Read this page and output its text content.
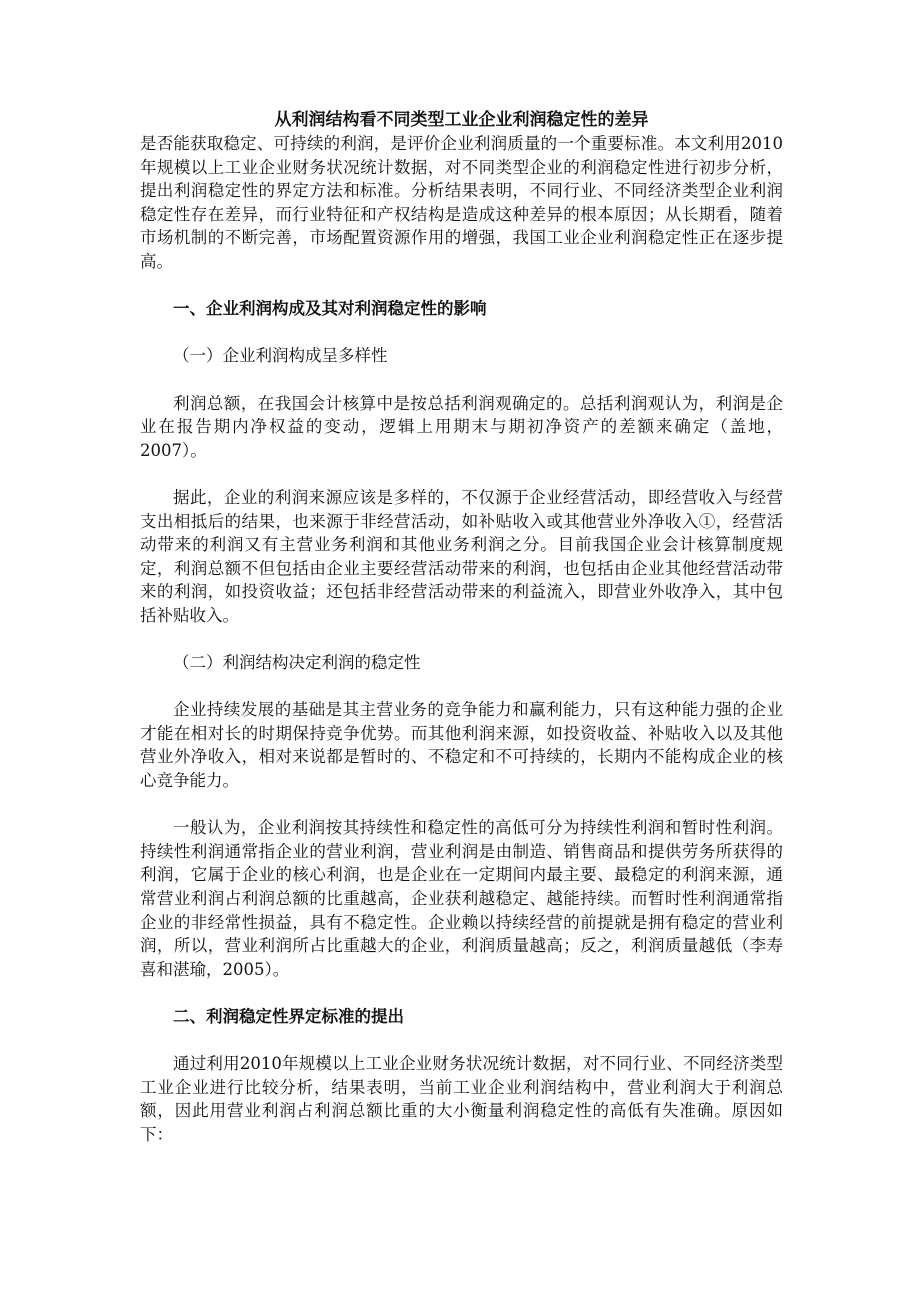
从利润结构看不同类型工业企业利润稳定性的差异

是否能获取稳定、可持续的利润，是评价企业利润质量的一个重要标准。本文利用2010年规模以上工业企业财务状况统计数据，对不同类型企业的利润稳定性进行初步分析，提出利润稳定性的界定方法和标准。分析结果表明，不同行业、不同经济类型企业利润稳定性存在差异，而行业特征和产权结构是造成这种差异的根本原因；从长期看，随着市场机制的不断完善，市场配置资源作用的增强，我国工业企业利润稳定性正在逐步提高。

一、企业利润构成及其对利润稳定性的影响

（一）企业利润构成呈多样性

利润总额，在我国会计核算中是按总括利润观确定的。总括利润观认为，利润是企业在报告期内净权益的变动，逻辑上用期末与期初净资产的差额来确定（盖地，2007）。

据此，企业的利润来源应该是多样的，不仅源于企业经营活动，即经营收入与经营支出相抵后的结果，也来源于非经营活动，如补贴收入或其他营业外净收入①，经营活动带来的利润又有主营业务利润和其他业务利润之分。目前我国企业会计核算制度规定，利润总额不但包括由企业主要经营活动带来的利润，也包括由企业其他经营活动带来的利润，如投资收益；还包括非经营活动带来的利益流入，即营业外收净入，其中包括补贴收入。

（二）利润结构决定利润的稳定性

企业持续发展的基础是其主营业务的竞争能力和赢利能力，只有这种能力强的企业才能在相对长的时期保持竞争优势。而其他利润来源，如投资收益、补贴收入以及其他营业外净收入，相对来说都是暂时的、不稳定和不可持续的，长期内不能构成企业的核心竞争能力。

一般认为，企业利润按其持续性和稳定性的高低可分为持续性利润和暂时性利润。持续性利润通常指企业的营业利润，营业利润是由制造、销售商品和提供劳务所获得的利润，它属于企业的核心利润，也是企业在一定期间内最主要、最稳定的利润来源，通常营业利润占利润总额的比重越高，企业获利越稳定、越能持续。而暂时性利润通常指企业的非经常性损益，具有不稳定性。企业赖以持续经营的前提就是拥有稳定的营业利润，所以，营业利润所占比重越大的企业，利润质量越高；反之，利润质量越低（李寿喜和湛瑜，2005）。

二、利润稳定性界定标准的提出

通过利用2010年规模以上工业企业财务状况统计数据，对不同行业、不同经济类型工业企业进行比较分析，结果表明，当前工业企业利润结构中，营业利润大于利润总额，因此用营业利润占利润总额比重的大小衡量利润稳定性的高低有失准确。原因如下：
